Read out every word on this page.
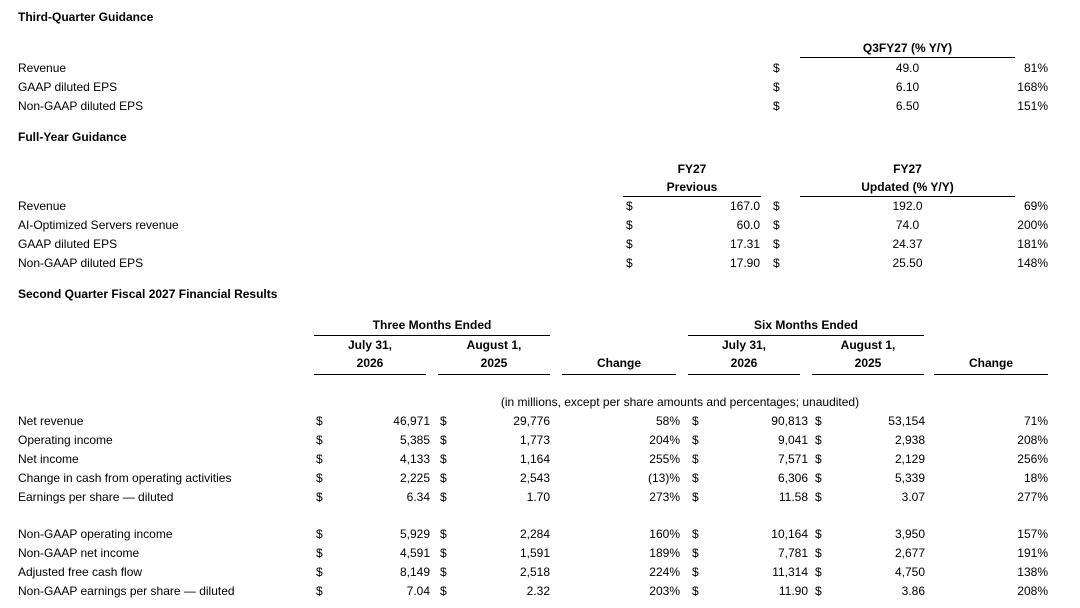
Third-Quarter Guidance
Q3FY27 (% Y/Y)
Revenue	$	49.0	81%
GAAP diluted EPS	$	6.10	168%
Non-GAAP diluted EPS	$	6.50	151%
Full-Year Guidance
FY27
Previous
FY27
Updated (% Y/Y)
Revenue	$	167.0 $	192.0	69%
AI-Optimized Servers revenue	$	60.0 $	74.0	200%
GAAP diluted EPS	$	17.31 $	24.37	181%
Non-GAAP diluted EPS	$	17.90 $	25.50	148%
Second Quarter Fiscal 2027 Financial Results
Three Months Ended	Six Months Ended
July 31,
2026
August 1,
2025	Change
July 31,
2026
August 1,
2025	Change
(in millions, except per share amounts and percentages; unaudited)
Net revenue	$	46,971 $	29,776	58% $	90,813 $	53,154	71%
Operating income	$	5,385 $	1,773	204% $	9,041 $	2,938	208%
Net income	$	4,133 $	1,164	255% $	7,571 $	2,129	256%
Change in cash from operating activities	$	2,225 $	2,543	(13)% $	6,306 $	5,339	18%
Earnings per share — diluted	$	6.34 $	1.70	273% $	11.58 $	3.07	277%
Non-GAAP operating income	$	5,929 $	2,284	160% $	10,164 $	3,950	157%
Non-GAAP net income	$	4,591 $	1,591	189% $	7,781 $	2,677	191%
Adjusted free cash flow	$	8,149 $	2,518	224% $	11,314 $	4,750	138%
Non-GAAP earnings per share — diluted	$	7.04 $	2.32	203% $	11.90 $	3.86	208%
